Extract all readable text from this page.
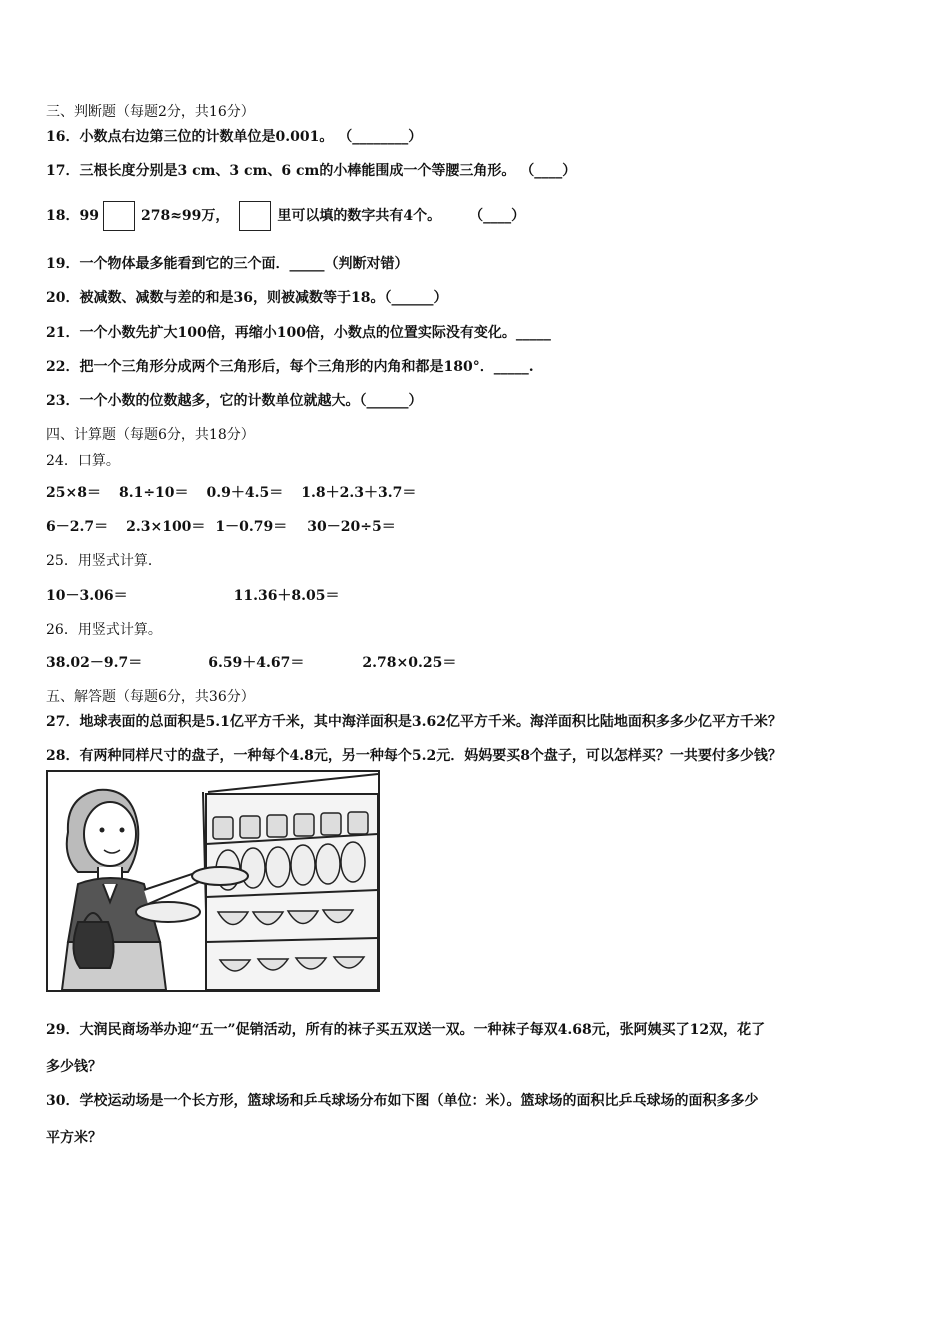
三、判断题（每题2分，共16分）
16．小数点右边第三位的计数单位是0.001。 （________）
17．三根长度分别是3 cm、3 cm、6 cm的小棒能围成一个等腰三角形。 （____）
18．99	278≈99万，	里可以填的数字共有4个。 （____）
19．一个物体最多能看到它的三个面．_____（判断对错）
20．被减数、减数与差的和是36，则被减数等于18。（______）
21．一个小数先扩大100倍，再缩小100倍，小数点的位置实际没有变化。_____
22．把一个三角形分成两个三角形后，每个三角形的内角和都是180°．_____.
23．一个小数的位数越多，它的计数单位就越大。（______）
四、计算题（每题6分，共18分）
24．口算。
25×8＝ 8.1÷10＝ 0.9＋4.5＝ 1.8＋2.3＋3.7＝
6－2.7＝ 2.3×100＝ 1－0.79＝ 30－20÷5＝
25．用竖式计算．
10－3.06＝	11.36＋8.05＝
26．用竖式计算。
38.02－9.7＝	6.59＋4.67＝	2.78×0.25＝
五、解答题（每题6分，共36分）
27．地球表面的总面积是5.1亿平方千米，其中海洋面积是3.62亿平方千米。海洋面积比陆地面积多多少亿平方千米？
28．有两种同样尺寸的盘子，一种每个4.8元，另一种每个5.2元．妈妈要买8个盘子，可以怎样买？一共要付多少钱？
29．大润民商场举办迎“五一”促销活动，所有的袜子买五双送一双。一种袜子每双4.68元，张阿姨买了12双，花了
多少钱？
30．学校运动场是一个长方形，篮球场和乒乓球场分布如下图（单位：米）。篮球场的面积比乒乓球场的面积多多少
平方米？
